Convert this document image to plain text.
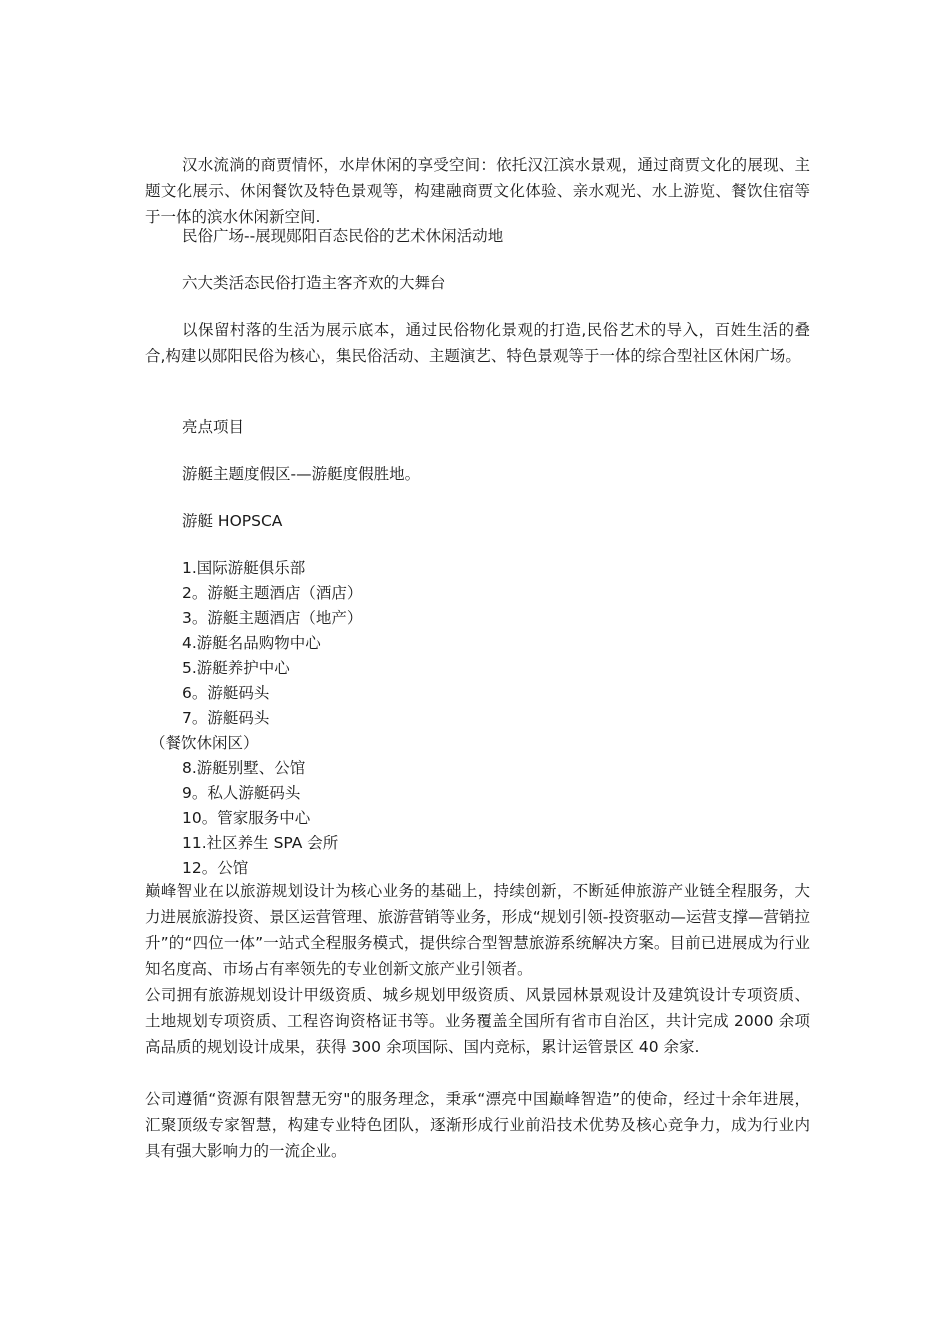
汉水流淌的商贾情怀，水岸休闲的享受空间：依托汉江滨水景观，通过商贾文化的展现、主题文化展示、休闲餐饮及特色景观等，构建融商贾文化体验、亲水观光、水上游览、餐饮住宿等于一体的滨水休闲新空间.

民俗广场--展现郧阳百态民俗的艺术休闲活动地
六大类活态民俗打造主客齐欢的大舞台

以保留村落的生活为展示底本，通过民俗物化景观的打造,民俗艺术的导入，百姓生活的叠合,构建以郧阳民俗为核心，集民俗活动、主题演艺、特色景观等于一体的综合型社区休闲广场。

亮点项目
游艇主题度假区-—游艇度假胜地。
游艇 HOPSCA
1.国际游艇俱乐部
2。游艇主题酒店（酒店）
3。游艇主题酒店（地产）
4.游艇名品购物中心
5.游艇养护中心
6。游艇码头
7。游艇码头
（餐饮休闲区）
8.游艇别墅、公馆
9。私人游艇码头
10。管家服务中心
11.社区养生 SPA 会所
12。公馆

巅峰智业在以旅游规划设计为核心业务的基础上，持续创新，不断延伸旅游产业链全程服务，大力进展旅游投资、景区运营管理、旅游营销等业务，形成“规划引领-投资驱动—运营支撑—营销拉升”的“四位一体”一站式全程服务模式，提供综合型智慧旅游系统解决方案。目前已进展成为行业知名度高、市场占有率领先的专业创新文旅产业引领者。

公司拥有旅游规划设计甲级资质、城乡规划甲级资质、风景园林景观设计及建筑设计专项资质、土地规划专项资质、工程咨询资格证书等。业务覆盖全国所有省市自治区，共计完成 2000 余项高品质的规划设计成果，获得 300 余项国际、国内竞标，累计运管景区 40 余家.

公司遵循“资源有限智慧无穷"的服务理念，秉承“漂亮中国巅峰智造”的使命，经过十余年进展，汇聚顶级专家智慧，构建专业特色团队，逐渐形成行业前沿技术优势及核心竞争力，成为行业内具有强大影响力的一流企业。
